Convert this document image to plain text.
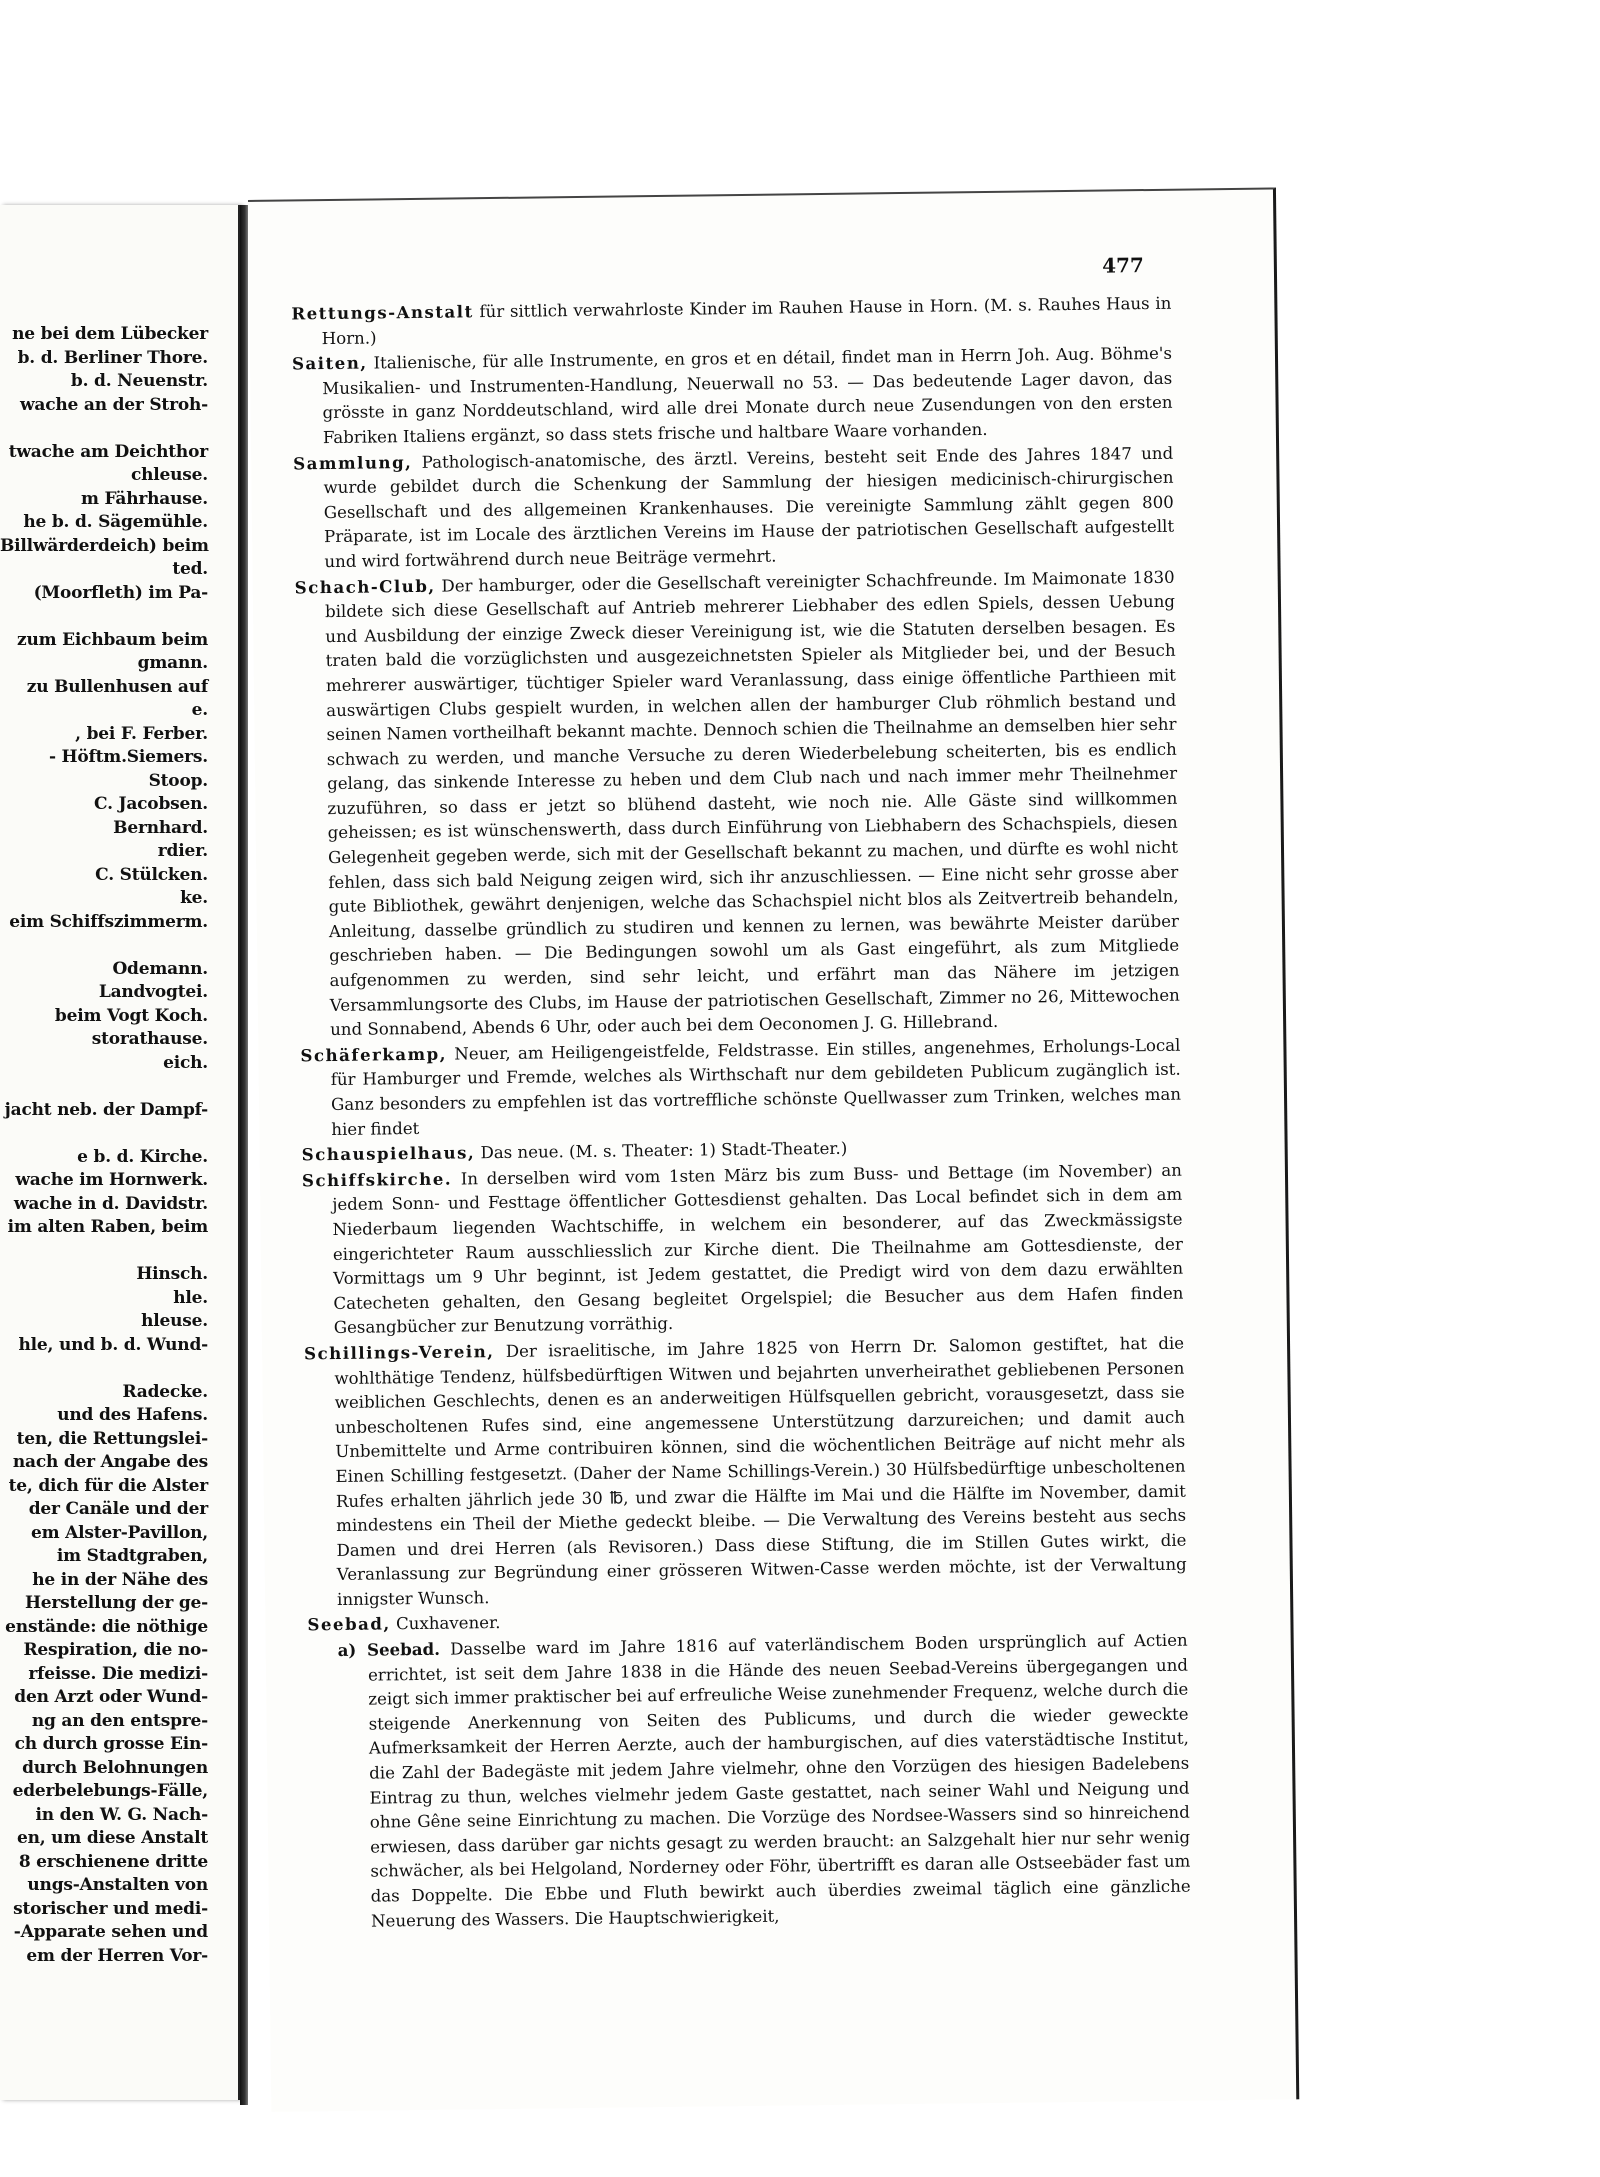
ne bei dem Lübecker
b. d. Berliner Thore.
b. d. Neuenstr.
wache an der Stroh-
twache am Deichthor
chleuse.
m Fährhause.
he b. d. Sägemühle.
Billwärderdeich) beim
ted.
(Moorfleth) im Pa-
zum Eichbaum beim
gmann.
zu Bullenhusen auf
e.
, bei F. Ferber.
- Höftm.Siemers.
Stoop.
C. Jacobsen.
Bernhard.
rdier.
C. Stülcken.
ke.
eim Schiffszimmerm.
Odemann.
Landvogtei.
beim Vogt Koch.
storathause.
eich.
jacht neb. der Dampf-
e b. d. Kirche.
wache im Hornwerk.
wache in d. Davidstr.
im alten Raben, beim
Hinsch.
hle.
hleuse.
hle, und b. d. Wund-
Radecke.
und des Hafens.
ten, die Rettungslei-
nach der Angabe des
te, dich für die Alster
der Canäle und der
em Alster-Pavillon,
im Stadtgraben,
he in der Nähe des
Herstellung der ge-
enstände: die nöthige
Respiration, die no-
rfeisse. Die medizi-
den Arzt oder Wund-
ng an den entspre-
ch durch grosse Ein-
durch Belohnungen
ederbelebungs-Fälle,
in den W. G. Nach-
en, um diese Anstalt
8 erschienene dritte
ungs-Anstalten von
storischer und medi-
-Apparate sehen und
em der Herren Vor-
477

Rettungs-Anstalt für sittlich verwahrloste Kinder im Rauhen Hause in Horn. (M. s. Rauhes Haus in Horn.)

Saiten, Italienische, für alle Instrumente, en gros et en détail, findet man in Herrn Joh. Aug. Böhme's Musikalien- und Instrumenten-Handlung, Neuerwall no 53. — Das bedeutende Lager davon, das grösste in ganz Norddeutschland, wird alle drei Monate durch neue Zusendungen von den ersten Fabriken Italiens ergänzt, so dass stets frische und haltbare Waare vorhanden.

Sammlung, Pathologisch-anatomische, des ärztl. Vereins, besteht seit Ende des Jahres 1847 und wurde gebildet durch die Schenkung der Sammlung der hiesigen medicinisch-chirurgischen Gesellschaft und des allgemeinen Krankenhauses. Die vereinigte Sammlung zählt gegen 800 Präparate, ist im Locale des ärztlichen Vereins im Hause der patriotischen Gesellschaft aufgestellt und wird fortwährend durch neue Beiträge vermehrt.

Schach-Club, Der hamburger, oder die Gesellschaft vereinigter Schachfreunde. Im Maimonate 1830 bildete sich diese Gesellschaft auf Antrieb mehrerer Liebhaber des edlen Spiels, dessen Uebung und Ausbildung der einzige Zweck dieser Vereinigung ist, wie die Statuten derselben besagen. Es traten bald die vorzüglichsten und ausgezeichnetsten Spieler als Mitglieder bei, und der Besuch mehrerer auswärtiger, tüchtiger Spieler ward Veranlassung, dass einige öffentliche Parthieen mit auswärtigen Clubs gespielt wurden, in welchen allen der hamburger Club röhmlich bestand und seinen Namen vortheilhaft bekannt machte. Dennoch schien die Theilnahme an demselben hier sehr schwach zu werden, und manche Versuche zu deren Wiederbelebung scheiterten, bis es endlich gelang, das sinkende Interesse zu heben und dem Club nach und nach immer mehr Theilnehmer zuzuführen, so dass er jetzt so blühend dasteht, wie noch nie. Alle Gäste sind willkommen geheissen; es ist wünschenswerth, dass durch Einführung von Liebhabern des Schachspiels, diesen Gelegenheit gegeben werde, sich mit der Gesellschaft bekannt zu machen, und dürfte es wohl nicht fehlen, dass sich bald Neigung zeigen wird, sich ihr anzuschliessen. — Eine nicht sehr grosse aber gute Bibliothek, gewährt denjenigen, welche das Schachspiel nicht blos als Zeitvertreib behandeln, Anleitung, dasselbe gründlich zu studiren und kennen zu lernen, was bewährte Meister darüber geschrieben haben. — Die Bedingungen sowohl um als Gast eingeführt, als zum Mitgliede aufgenommen zu werden, sind sehr leicht, und erfährt man das Nähere im jetzigen Versammlungsorte des Clubs, im Hause der patriotischen Gesellschaft, Zimmer no 26, Mittewochen und Sonnabend, Abends 6 Uhr, oder auch bei dem Oeconomen J. G. Hillebrand.

Schäferkamp, Neuer, am Heiligengeistfelde, Feldstrasse. Ein stilles, angenehmes, Erholungs-Local für Hamburger und Fremde, welches als Wirthschaft nur dem gebildeten Publicum zugänglich ist. Ganz besonders zu empfehlen ist das vortreffliche schönste Quellwasser zum Trinken, welches man hier findet

Schauspielhaus, Das neue. (M. s. Theater: 1) Stadt-Theater.)

Schiffskirche. In derselben wird vom 1sten März bis zum Buss- und Bettage (im November) an jedem Sonn- und Festtage öffentlicher Gottesdienst gehalten. Das Local befindet sich in dem am Niederbaum liegenden Wachtschiffe, in welchem ein besonderer, auf das Zweckmässigste eingerichteter Raum ausschliesslich zur Kirche dient. Die Theilnahme am Gottesdienste, der Vormittags um 9 Uhr beginnt, ist Jedem gestattet, die Predigt wird von dem dazu erwählten Catecheten gehalten, den Gesang begleitet Orgelspiel; die Besucher aus dem Hafen finden Gesangbücher zur Benutzung vorräthig.

Schillings-Verein, Der israelitische, im Jahre 1825 von Herrn Dr. Salomon gestiftet, hat die wohlthätige Tendenz, hülfsbedürftigen Witwen und bejahrten unverheirathet gebliebenen Personen weiblichen Geschlechts, denen es an anderweitigen Hülfsquellen gebricht, vorausgesetzt, dass sie unbescholtenen Rufes sind, eine angemessene Unterstützung darzureichen; und damit auch Unbemittelte und Arme contribuiren können, sind die wöchentlichen Beiträge auf nicht mehr als Einen Schilling festgesetzt. (Daher der Name Schillings-Verein.) 30 Hülfsbedürftige unbescholtenen Rufes erhalten jährlich jede 30 ℔, und zwar die Hälfte im Mai und die Hälfte im November, damit mindestens ein Theil der Miethe gedeckt bleibe. — Die Verwaltung des Vereins besteht aus sechs Damen und drei Herren (als Revisoren.) Dass diese Stiftung, die im Stillen Gutes wirkt, die Veranlassung zur Begründung einer grösseren Witwen-Casse werden möchte, ist der Verwaltung innigster Wunsch.

Seebad, Cuxhavener.

a) Seebad. Dasselbe ward im Jahre 1816 auf vaterländischem Boden ursprünglich auf Actien errichtet, ist seit dem Jahre 1838 in die Hände des neuen Seebad-Vereins übergegangen und zeigt sich immer praktischer bei auf erfreuliche Weise zunehmender Frequenz, welche durch die steigende Anerkennung von Seiten des Publicums, und durch die wieder geweckte Aufmerksamkeit der Herren Aerzte, auch der hamburgischen, auf dies vaterstädtische Institut, die Zahl der Badegäste mit jedem Jahre vielmehr, ohne den Vorzügen des hiesigen Badelebens Eintrag zu thun, welches vielmehr jedem Gaste gestattet, nach seiner Wahl und Neigung und ohne Gêne seine Einrichtung zu machen. Die Vorzüge des Nordsee-Wassers sind so hinreichend erwiesen, dass darüber gar nichts gesagt zu werden braucht: an Salzgehalt hier nur sehr wenig schwächer, als bei Helgoland, Norderney oder Föhr, übertrifft es daran alle Ostseebäder fast um das Doppelte. Die Ebbe und Fluth bewirkt auch überdies zweimal täglich eine gänzliche Neuerung des Wassers. Die Hauptschwierigkeit,
